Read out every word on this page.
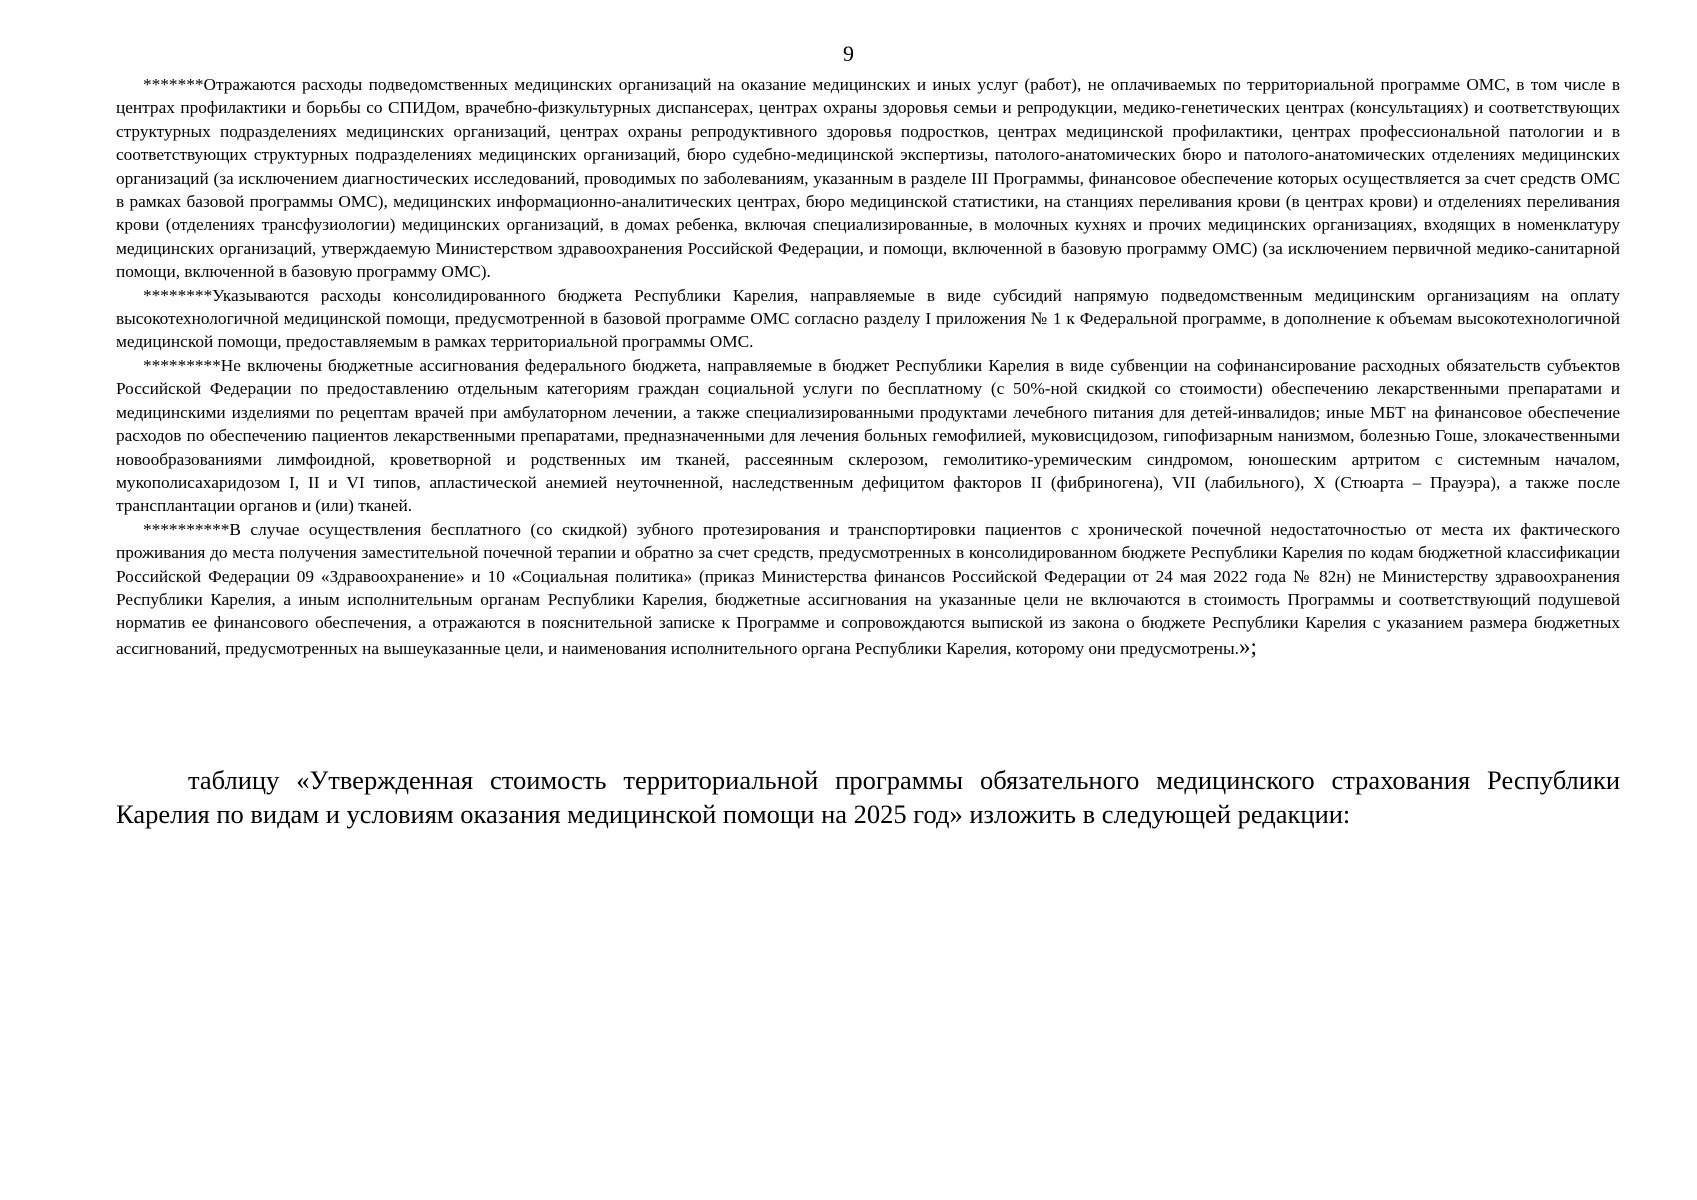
9

*******Отражаются расходы подведомственных медицинских организаций на оказание медицинских и иных услуг (работ), не оплачиваемых по территориальной программе ОМС, в том числе в центрах профилактики и борьбы со СПИДом, врачебно-физкультурных диспансерах, центрах охраны здоровья семьи и репродукции, медико-генетических центрах (консультациях) и соответствующих структурных подразделениях медицинских организаций, центрах охраны репродуктивного здоровья подростков, центрах медицинской профилактики, центрах профессиональной патологии и в соответствующих структурных подразделениях медицинских организаций, бюро судебно-медицинской экспертизы, патолого-анатомических бюро и патолого-анатомических отделениях медицинских организаций (за исключением диагностических исследований, проводимых по заболеваниям, указанным в разделе III Программы, финансовое обеспечение которых осуществляется за счет средств ОМС в рамках базовой программы ОМС), медицинских информационно-аналитических центрах, бюро медицинской статистики, на станциях переливания крови (в центрах крови) и отделениях переливания крови (отделениях трансфузиологии) медицинских организаций, в домах ребенка, включая специализированные, в молочных кухнях и прочих медицинских организациях, входящих в номенклатуру медицинских организаций, утверждаемую Министерством здравоохранения Российской Федерации, и помощи, включенной в базовую программу ОМС) (за исключением первичной медико-санитарной помощи, включенной в базовую программу ОМС).

********Указываются расходы консолидированного бюджета Республики Карелия, направляемые в виде субсидий напрямую подведомственным медицинским организациям на оплату высокотехнологичной медицинской помощи, предусмотренной в базовой программе ОМС согласно разделу I приложения № 1 к Федеральной программе, в дополнение к объемам высокотехнологичной медицинской помощи, предоставляемым в рамках территориальной программы ОМС.

*********Не включены бюджетные ассигнования федерального бюджета, направляемые в бюджет Республики Карелия в виде субвенции на софинансирование расходных обязательств субъектов Российской Федерации по предоставлению отдельным категориям граждан социальной услуги по бесплатному (с 50%-ной скидкой со стоимости) обеспечению лекарственными препаратами и медицинскими изделиями по рецептам врачей при амбулаторном лечении, а также специализированными продуктами лечебного питания для детей-инвалидов; иные МБТ на финансовое обеспечение расходов по обеспечению пациентов лекарственными препаратами, предназначенными для лечения больных гемофилией, муковисцидозом, гипофизарным нанизмом, болезнью Гоше, злокачественными новообразованиями лимфоидной, кроветворной и родственных им тканей, рассеянным склерозом, гемолитико-уремическим синдромом, юношеским артритом с системным началом, мукополисахаридозом I, II и VI типов, апластической анемией неуточненной, наследственным дефицитом факторов II (фибриногена), VII (лабильного), X (Стюарта – Прауэра), а также после трансплантации органов и (или) тканей.

**********В случае осуществления бесплатного (со скидкой) зубного протезирования и транспортировки пациентов с хронической почечной недостаточностью от места их фактического проживания до места получения заместительной почечной терапии и обратно за счет средств, предусмотренных в консолидированном бюджете Республики Карелия по кодам бюджетной классификации Российской Федерации 09 «Здравоохранение» и 10 «Социальная политика» (приказ Министерства финансов Российской Федерации от 24 мая 2022 года № 82н) не Министерству здравоохранения Республики Карелия, а иным исполнительным органам Республики Карелия, бюджетные ассигнования на указанные цели не включаются в стоимость Программы и соответствующий подушевой норматив ее финансового обеспечения, а отражаются в пояснительной записке к Программе и сопровождаются выпиской из закона о бюджете Республики Карелия с указанием размера бюджетных ассигнований, предусмотренных на вышеуказанные цели, и наименования исполнительного органа Республики Карелия, которому они предусмотрены.»;

таблицу «Утвержденная стоимость территориальной программы обязательного медицинского страхования Республики Карелия по видам и условиям оказания медицинской помощи на 2025 год» изложить в следующей редакции:
